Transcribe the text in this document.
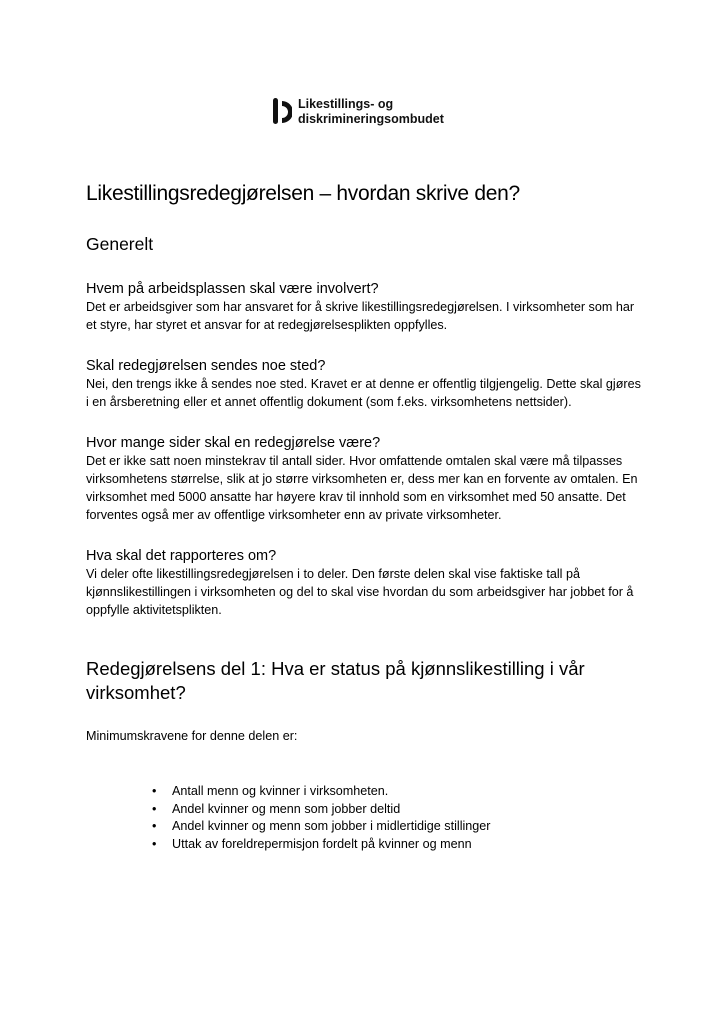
Likestillings- og
diskrimineringsombudet
Likestillingsredegjørelsen – hvordan skrive den?
Generelt
Hvem på arbeidsplassen skal være involvert?

Det er arbeidsgiver som har ansvaret for å skrive likestillingsredegjørelsen. I virksomheter som har et styre, har styret et ansvar for at redegjørelsesplikten oppfylles.

Skal redegjørelsen sendes noe sted?

Nei, den trengs ikke å sendes noe sted. Kravet er at denne er offentlig tilgjengelig. Dette skal gjøres i en årsberetning eller et annet offentlig dokument (som f.eks. virksomhetens nettsider).

Hvor mange sider skal en redegjørelse være?

Det er ikke satt noen minstekrav til antall sider. Hvor omfattende omtalen skal være må tilpasses virksomhetens størrelse, slik at jo større virksomheten er, dess mer kan en forvente av omtalen. En virksomhet med 5000 ansatte har høyere krav til innhold som en virksomhet med 50 ansatte. Det forventes også mer av offentlige virksomheter enn av private virksomheter.

Hva skal det rapporteres om?

Vi deler ofte likestillingsredegjørelsen i to deler. Den første delen skal vise faktiske tall på kjønnslikestillingen i virksomheten og del to skal vise hvordan du som arbeidsgiver har jobbet for å oppfylle aktivitetsplikten.

Redegjørelsens del 1: Hva er status på kjønnslikestilling i vår virksomhet?

Minimumskravene for denne delen er:

• Antall menn og kvinner i virksomheten.
• Andel kvinner og menn som jobber deltid
• Andel kvinner og menn som jobber i midlertidige stillinger
• Uttak av foreldrepermisjon fordelt på kvinner og menn
